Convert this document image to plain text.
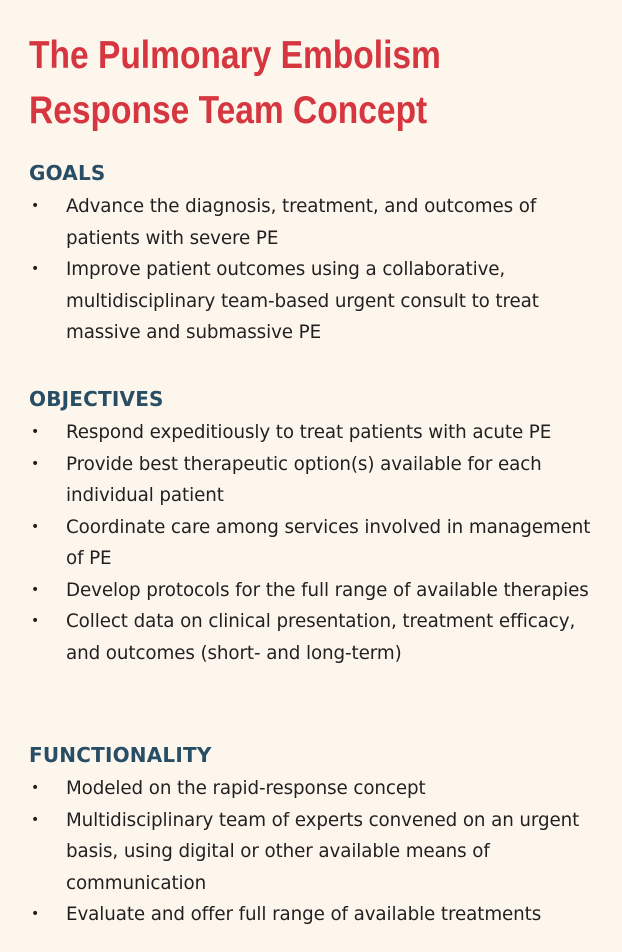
The Pulmonary Embolism
Response Team Concept
GOALS
• Advance the diagnosis, treatment, and outcomes of patients with severe PE
• Improve patient outcomes using a collaborative, multidisciplinary team-based urgent consult to treat massive and submassive PE
OBJECTIVES
• Respond expeditiously to treat patients with acute PE
• Provide best therapeutic option(s) available for each individual patient
• Coordinate care among services involved in management of PE
• Develop protocols for the full range of available therapies
• Collect data on clinical presentation, treatment efficacy, and outcomes (short- and long-term)
FUNCTIONALITY
• Modeled on the rapid-response concept
• Multidisciplinary team of experts convened on an urgent basis, using digital or other available means of communication
• Evaluate and offer full range of available treatments
